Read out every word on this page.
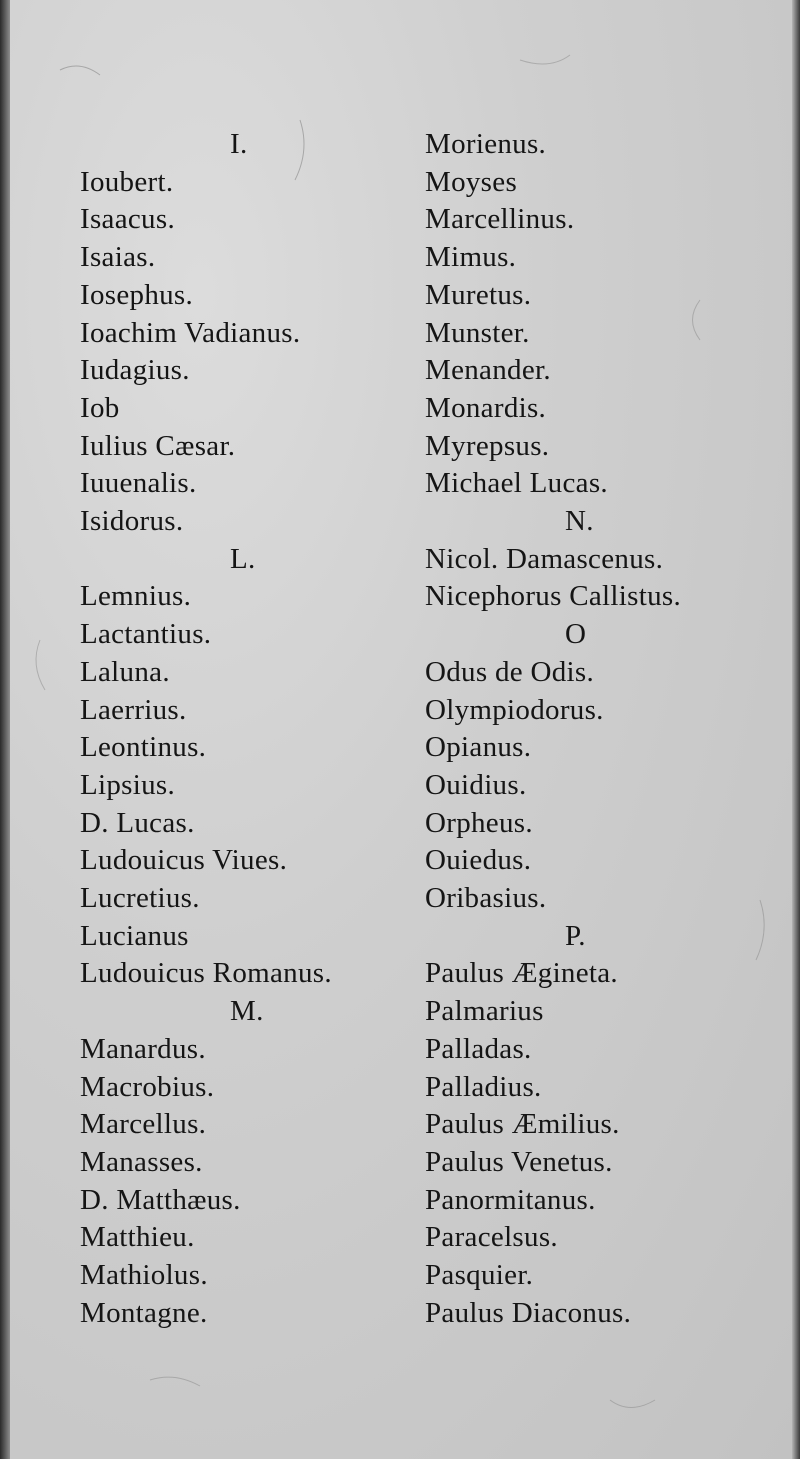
I.
Ioubert.
Isaacus.
Isaias.
Iosephus.
Ioachim Vadianus.
Iudagius.
Iob
Iulius Cæsar.
Iuuenalis.
Isidorus.
L.
Lemnius.
Lactantius.
Laluna.
Laerrius.
Leontinus.
Lipsius.
D. Lucas.
Ludouicus Viues.
Lucretius.
Lucianus
Ludouicus Romanus.
M.
Manardus.
Macrobius.
Marcellus.
Manasses.
D. Matthæus.
Matthieu.
Mathiolus.
Montagne.
Morienus.
Moyses
Marcellinus.
Mimus.
Muretus.
Munster.
Menander.
Monardis.
Myrepsus.
Michael Lucas.
N.
Nicol. Damascenus.
Nicephorus Callistus.
O
Odus de Odis.
Olympiodorus.
Opianus.
Ouidius.
Orpheus.
Ouiedus.
Oribasius.
P.
Paulus Ægineta.
Palmarius
Palladas.
Palladius.
Paulus Æmilius.
Paulus Venetus.
Panormitanus.
Paracelsus.
Pasquier.
Paulus Diaconus.
